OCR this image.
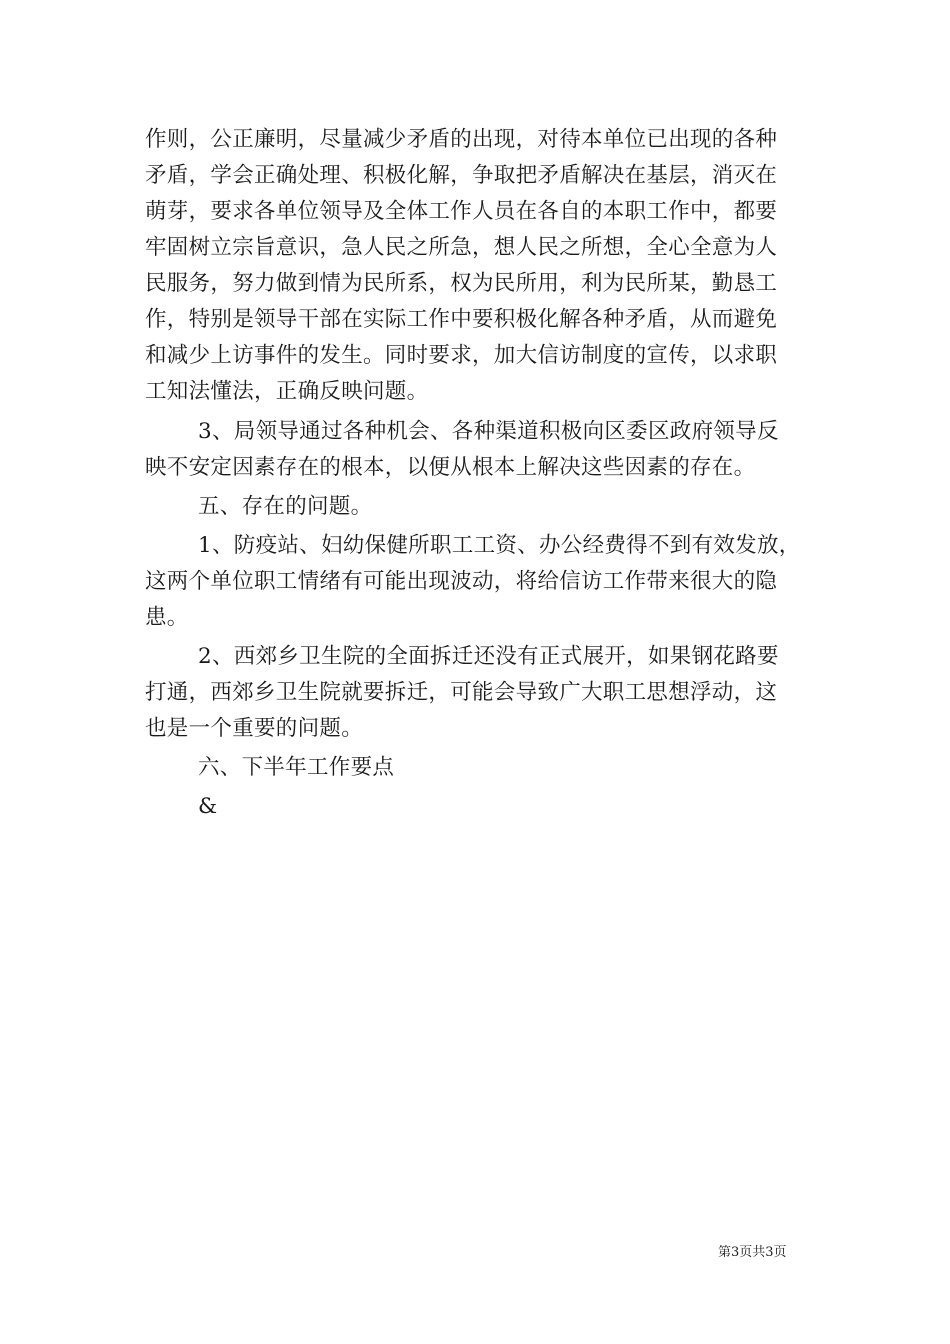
作则，公正廉明，尽量减少矛盾的出现，对待本单位已出现的各种
矛盾，学会正确处理、积极化解，争取把矛盾解决在基层，消灭在
萌芽，要求各单位领导及全体工作人员在各自的本职工作中，都要
牢固树立宗旨意识，急人民之所急，想人民之所想，全心全意为人
民服务，努力做到情为民所系，权为民所用，利为民所某，勤恳工
作，特别是领导干部在实际工作中要积极化解各种矛盾，从而避免
和减少上访事件的发生。同时要求，加大信访制度的宣传，以求职
工知法懂法，正确反映问题。
3、局领导通过各种机会、各种渠道积极向区委区政府领导反
映不安定因素存在的根本，以便从根本上解决这些因素的存在。
五、存在的问题。
1、防疫站、妇幼保健所职工工资、办公经费得不到有效发放，
这两个单位职工情绪有可能出现波动，将给信访工作带来很大的隐
患。
2、西郊乡卫生院的全面拆迁还没有正式展开，如果钢花路要
打通，西郊乡卫生院就要拆迁，可能会导致广大职工思想浮动，这
也是一个重要的问题。
六、下半年工作要点
&
第3页共3页
